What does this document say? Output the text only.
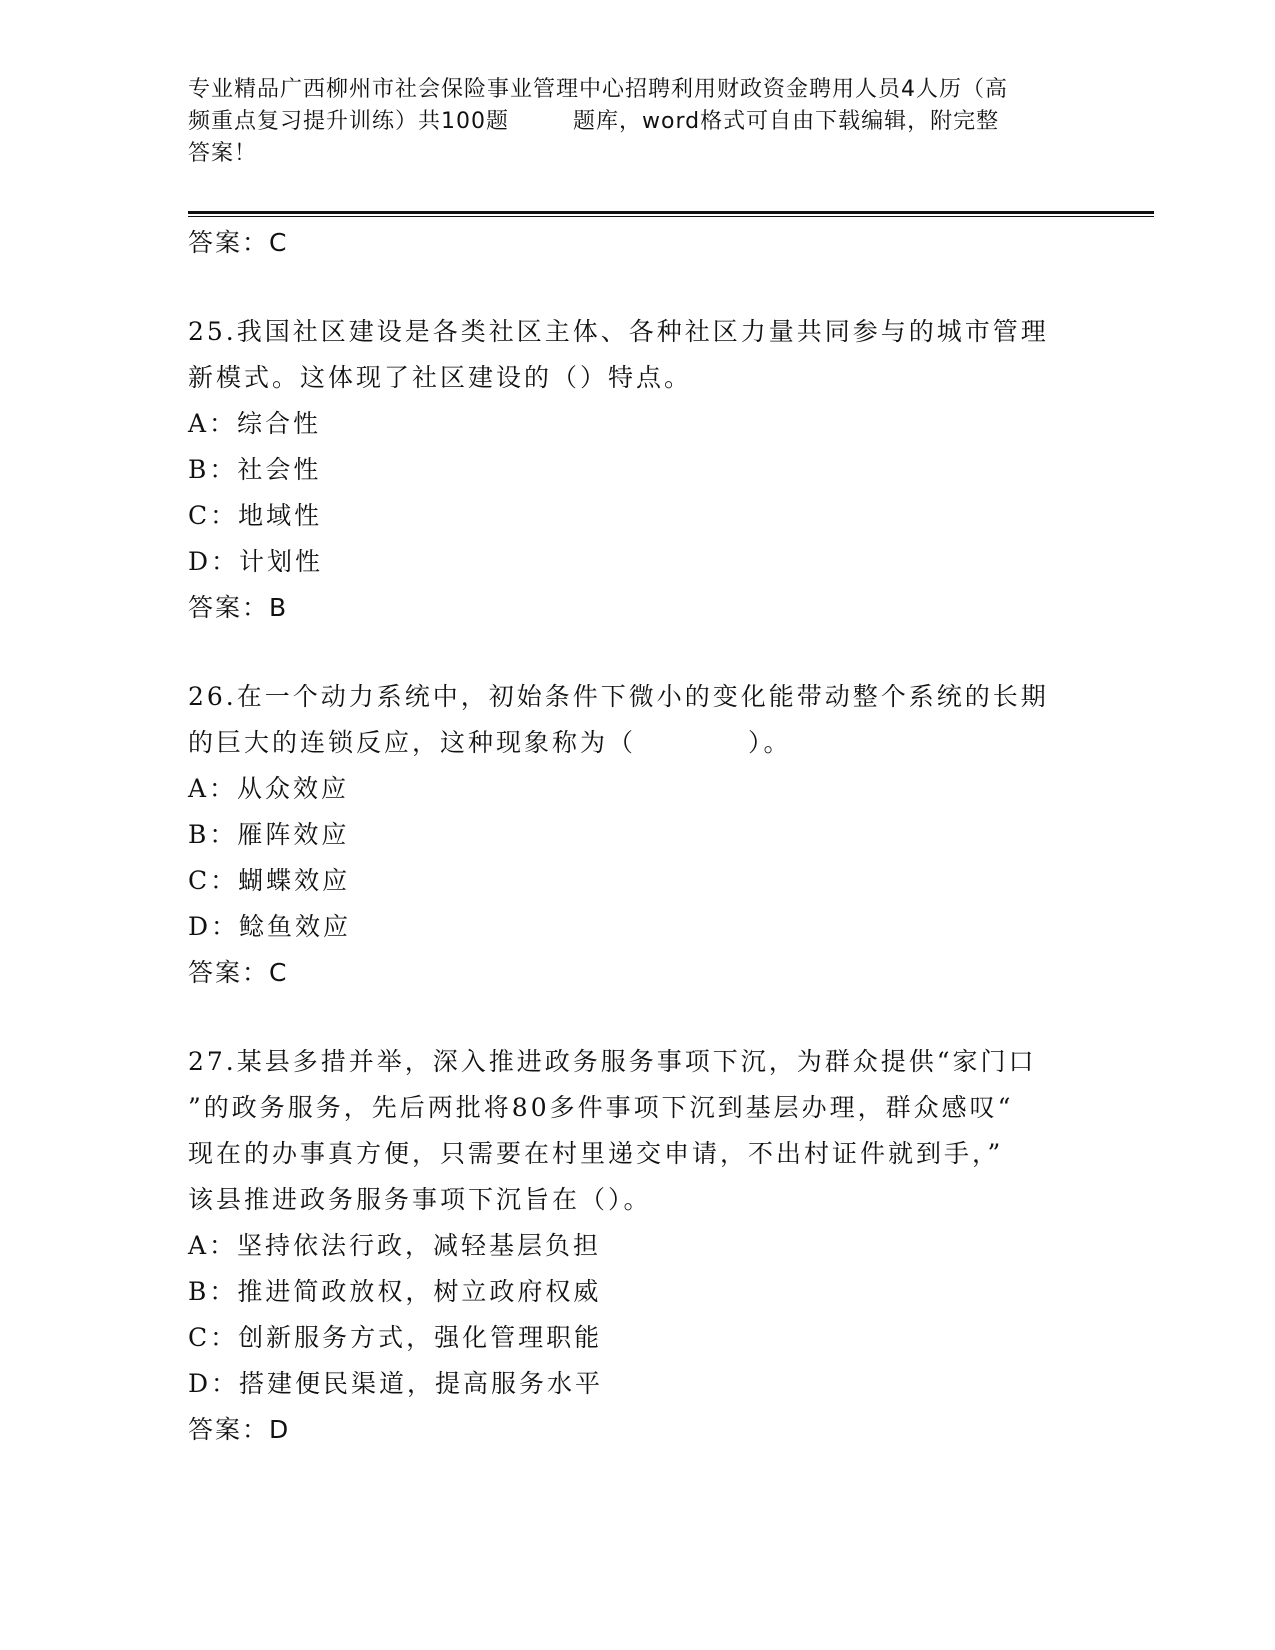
专业精品广西柳州市社会保险事业管理中心招聘利用财政资金聘用人员4人历（高
频重点复习提升训练）共100题	题库，word格式可自由下载编辑，附完整
答案！
答案：C
25.我国社区建设是各类社区主体、各种社区力量共同参与的城市管理
新模式。这体现了社区建设的（）特点。
A：综合性
B：社会性
C：地域性
D：计划性
答案：B
26.在一个动力系统中，初始条件下微小的变化能带动整个系统的长期
的巨大的连锁反应，这种现象称为（　　　　）。
A：从众效应
B：雁阵效应
C：蝴蝶效应
D：鲶鱼效应
答案：C
27.某县多措并举，深入推进政务服务事项下沉，为群众提供“家门口
”的政务服务，先后两批将80多件事项下沉到基层办理，群众感叹“
现在的办事真方便，只需要在村里递交申请，不出村证件就到手，”
该县推进政务服务事项下沉旨在（）。
A：坚持依法行政，减轻基层负担
B：推进简政放权，树立政府权威
C：创新服务方式，强化管理职能
D：搭建便民渠道，提高服务水平
答案：D
